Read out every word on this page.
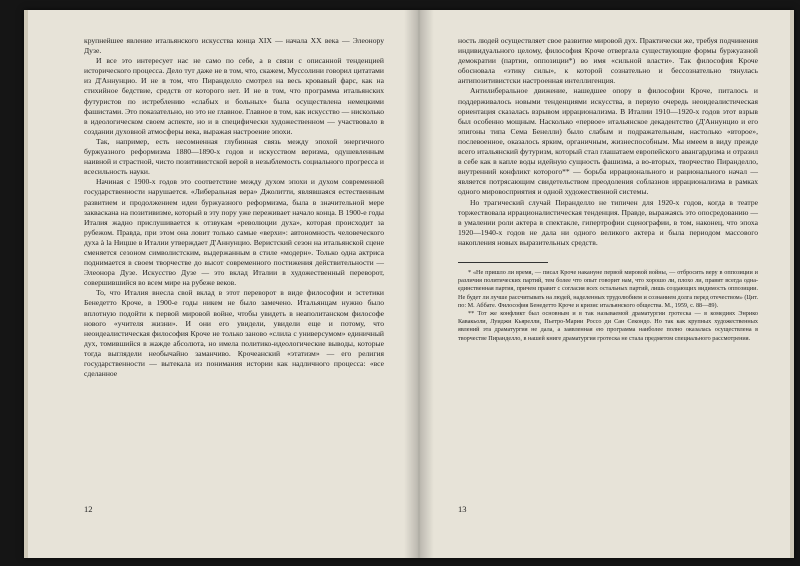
крупнейшее явление итальянского искусства конца XIX — начала XX века — Элеонору Дузе.

И все это интересует нас не само по себе, а в связи с описанной тенденцией исторического процесса. Дело тут даже не в том, что, скажем, Муссолини говорил цитатами из Д'Аннунцио. И не в том, что Пиранделло смотрел на весь кровавый фарс, как на стихийное бедствие, средств от которого нет. И не в том, что программа итальянских футуристов по истреблению «слабых и больных» была осуществлена немецкими фашистами. Это показательно, но это не главное. Главное в том, как искусство — нисколько в идеологическом своем аспекте, но и в специфически художественном — участвовало в создании духовной атмосферы века, выражая настроение эпохи.

Так, например, есть несомненная глубинная связь между эпохой энергичного буржуазного реформизма 1880—1890-х годов и искусством веризма, одушевленным наивной и страстной, чисто позитивистской верой в незыблемость социального прогресса и всесильность науки.

Начиная с 1900-х годов это соответствие между духом эпохи и духом современной государственности нарушается. «Либеральная вера» Джолитти, являвшаяся естественным развитием и продолжением идеи буржуазного реформизма, была в значительной мере закваскана на позитивизме, который в эту пору уже переживает начало конца. В 1900-е годы Италия жадно прислушивается к отзвукам «революции духа», которая происходит за рубежом. Правда, при этом она ловит только самые «верхи»: автономность человеческого духа à la Ницше в Италии утверждает Д'Аннунцио. Веристский сезон на итальянской сцене сменяется сезоном символистским, выдержанным в стиле «модерн». Только одна актриса поднимается в своем творчестве до высот современного постижения действительности — Элеонора Дузе. Искусство Дузе — это вклад Италии в художественный переворот, совершившийся во всем мире на рубеже веков.

То, что Италия внесла свой вклад в этот переворот в виде философии и эстетики Бенедетто Кроче, в 1900-е годы никем не было замечено. Итальянцам нужно было вплотную подойти к первой мировой войне, чтобы увидеть в неаполитанском философе нового «учителя жизни». И они его увидели, увидели еще и потому, что неоидеалистическая философия Кроче не только заново «слила с универсумом» единичный дух, томившийся в жажде абсолюта, но имела политико-идеологические выводы, которые тогда выглядели необычайно заманчиво. Крочеанский «этатизм» — его религия государственности — вытекала из понимания истории как надличного процесса: «все сделанное

12

ность людей осуществляет свое развитие мировой дух. Практически же, требуя подчинения индивидуального целому, философия Кроче отвергала существующие формы буржуазной демократии (партии, оппозиции*) во имя «сильной власти». Так философия Кроче обосновала «этику силы», к которой сознательно и бессознательно тянулась антипозитивистски настроенная интеллигенция.

Антилиберальное движение, нашедшее опору в философии Кроче, питалось и поддерживалось новыми тенденциями искусства, в первую очередь неоидеалистическая ориентация сказалась взрывом иррационализма. В Италии 1910—1920-х годов этот взрыв был особенно мощным. Насколько «первое» итальянское декадентство (Д'Аннунцио и его эпигоны типа Сема Бенелли) было слабым и подражательным, настолько «второе», послевоенное, оказалось ярким, органичным, жизнеспособным. Мы имеем в виду прежде всего итальянский футуризм, который стал глашатаем европейского авангардизма и отразил в себе как в капле воды идейную сущность фашизма, а во-вторых, творчество Пиранделло, внутренний конфликт которого** — борьба иррационального и рационального начал — является потрясающим свидетельством преодоления соблазнов иррационализма в рамках одного мировосприятия и одной художественной системы.

Но трагический случай Пиранделло не типичен для 1920-х годов, когда в театре торжествовала иррационалистическая тенденция. Правде, выражаясь это опосредованию — в умалении роли актера в спектакле, гипертрофии сценографии, в том, наконец, что эпоха 1920—1940-х годов не дала ни одного великого актера и была периодом массового накопления новых выразительных средств.

* «Не пришло ли время, — писал Кроче накануне первой мировой войны, — отбросить веру в оппозиции и различия политических партий, тем более что опыт говорит нам, что хорошо ли, плохо ли, правит всегда одна-единственная партия, причем правит с согласия всех остальных партий, лишь создающих видимость оппозиции. Не будет ли лучше рассчитывать на людей, наделенных трудолюбием и сознанием долга перед отечеством» (Цит. по: М. Аббате. Философия Бенедетто Кроче и кризис итальянского общества. М., 1959, с. 88—89).

** Тот же конфликт был основным и в так называемой драматургии гротеска — в комедиях Энрико Кавакьоли, Луиджи Кьярелли, Пьетро-Марии Россо ди Сан Секондо. Но так как крупных художественных явлений эта драматургия не дала, а заявленная ею программа наиболее полно оказалась осуществлена в творчестве Пиранделло, в нашей книге драматургия гротеска не стала предметом специального рассмотрения.

13
